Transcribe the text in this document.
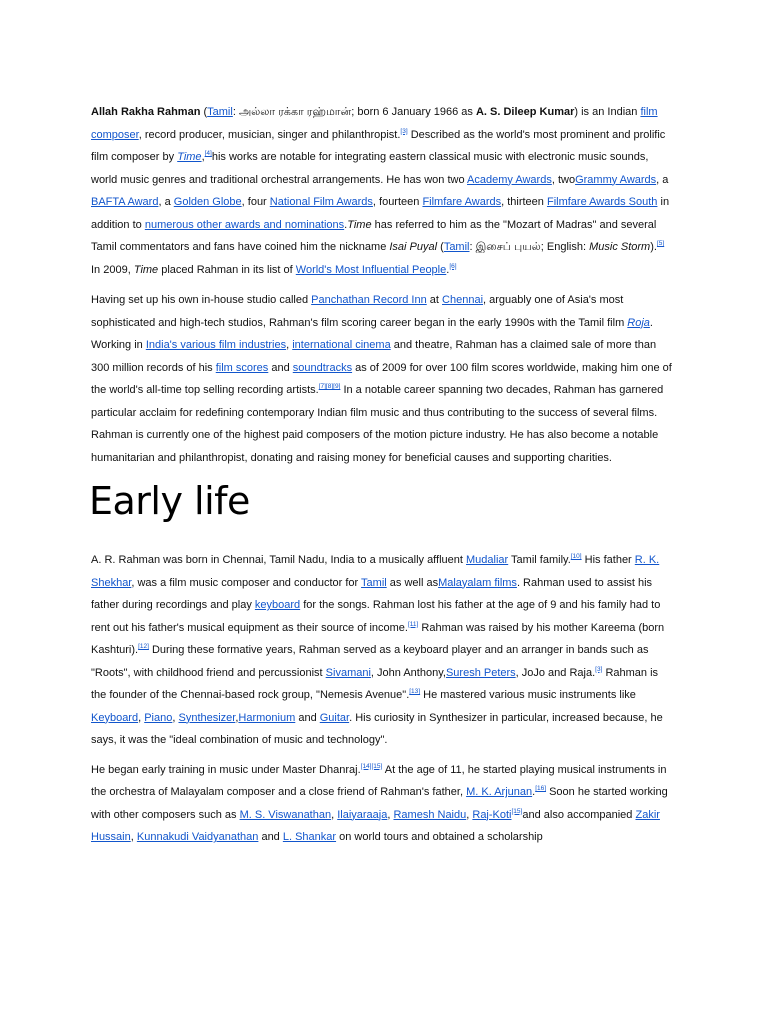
Allah Rakha Rahman (Tamil: அல்லா ரக்கா ரஹ்மான்; born 6 January 1966 as A. S. Dileep Kumar) is an Indian film composer, record producer, musician, singer and philanthropist.[3] Described as the world's most prominent and prolific film composer by Time,[4]his works are notable for integrating eastern classical music with electronic music sounds, world music genres and traditional orchestral arrangements. He has won two Academy Awards, twoGrammy Awards, a BAFTA Award, a Golden Globe, four National Film Awards, fourteen Filmfare Awards, thirteen Filmfare Awards South in addition to numerous other awards and nominations.Time has referred to him as the "Mozart of Madras" and several Tamil commentators and fans have coined him the nickname Isai Puyal (Tamil: இசைப் புயல்; English: Music Storm).[5] In 2009, Time placed Rahman in its list of World's Most Influential People.[6]

Having set up his own in-house studio called Panchathan Record Inn at Chennai, arguably one of Asia's most sophisticated and high-tech studios, Rahman's film scoring career began in the early 1990s with the Tamil film Roja. Working in India's various film industries, international cinema and theatre, Rahman has a claimed sale of more than 300 million records of his film scores and soundtracks as of 2009 for over 100 film scores worldwide, making him one of the world's all-time top selling recording artists.[7][8][9] In a notable career spanning two decades, Rahman has garnered particular acclaim for redefining contemporary Indian film music and thus contributing to the success of several films. Rahman is currently one of the highest paid composers of the motion picture industry. He has also become a notable humanitarian and philanthropist, donating and raising money for beneficial causes and supporting charities.

Early life

A. R. Rahman was born in Chennai, Tamil Nadu, India to a musically affluent Mudaliar Tamil family.[10] His father R. K. Shekhar, was a film music composer and conductor for Tamil as well asMalayalam films. Rahman used to assist his father during recordings and play keyboard for the songs. Rahman lost his father at the age of 9 and his family had to rent out his father's musical equipment as their source of income.[11] Rahman was raised by his mother Kareema (born Kashturi).[12] During these formative years, Rahman served as a keyboard player and an arranger in bands such as "Roots", with childhood friend and percussionist Sivamani, John Anthony,Suresh Peters, JoJo and Raja.[3] Rahman is the founder of the Chennai-based rock group, "Nemesis Avenue".[13] He mastered various music instruments like Keyboard, Piano, Synthesizer,Harmonium and Guitar. His curiosity in Synthesizer in particular, increased because, he says, it was the "ideal combination of music and technology".

He began early training in music under Master Dhanraj.[14][15] At the age of 11, he started playing musical instruments in the orchestra of Malayalam composer and a close friend of Rahman's father, M. K. Arjunan.[16] Soon he started working with other composers such as M. S. Viswanathan, Ilaiyaraaja, Ramesh Naidu, Raj-Koti[15]and also accompanied Zakir Hussain, Kunnakudi Vaidyanathan and L. Shankar on world tours and obtained a scholarship
